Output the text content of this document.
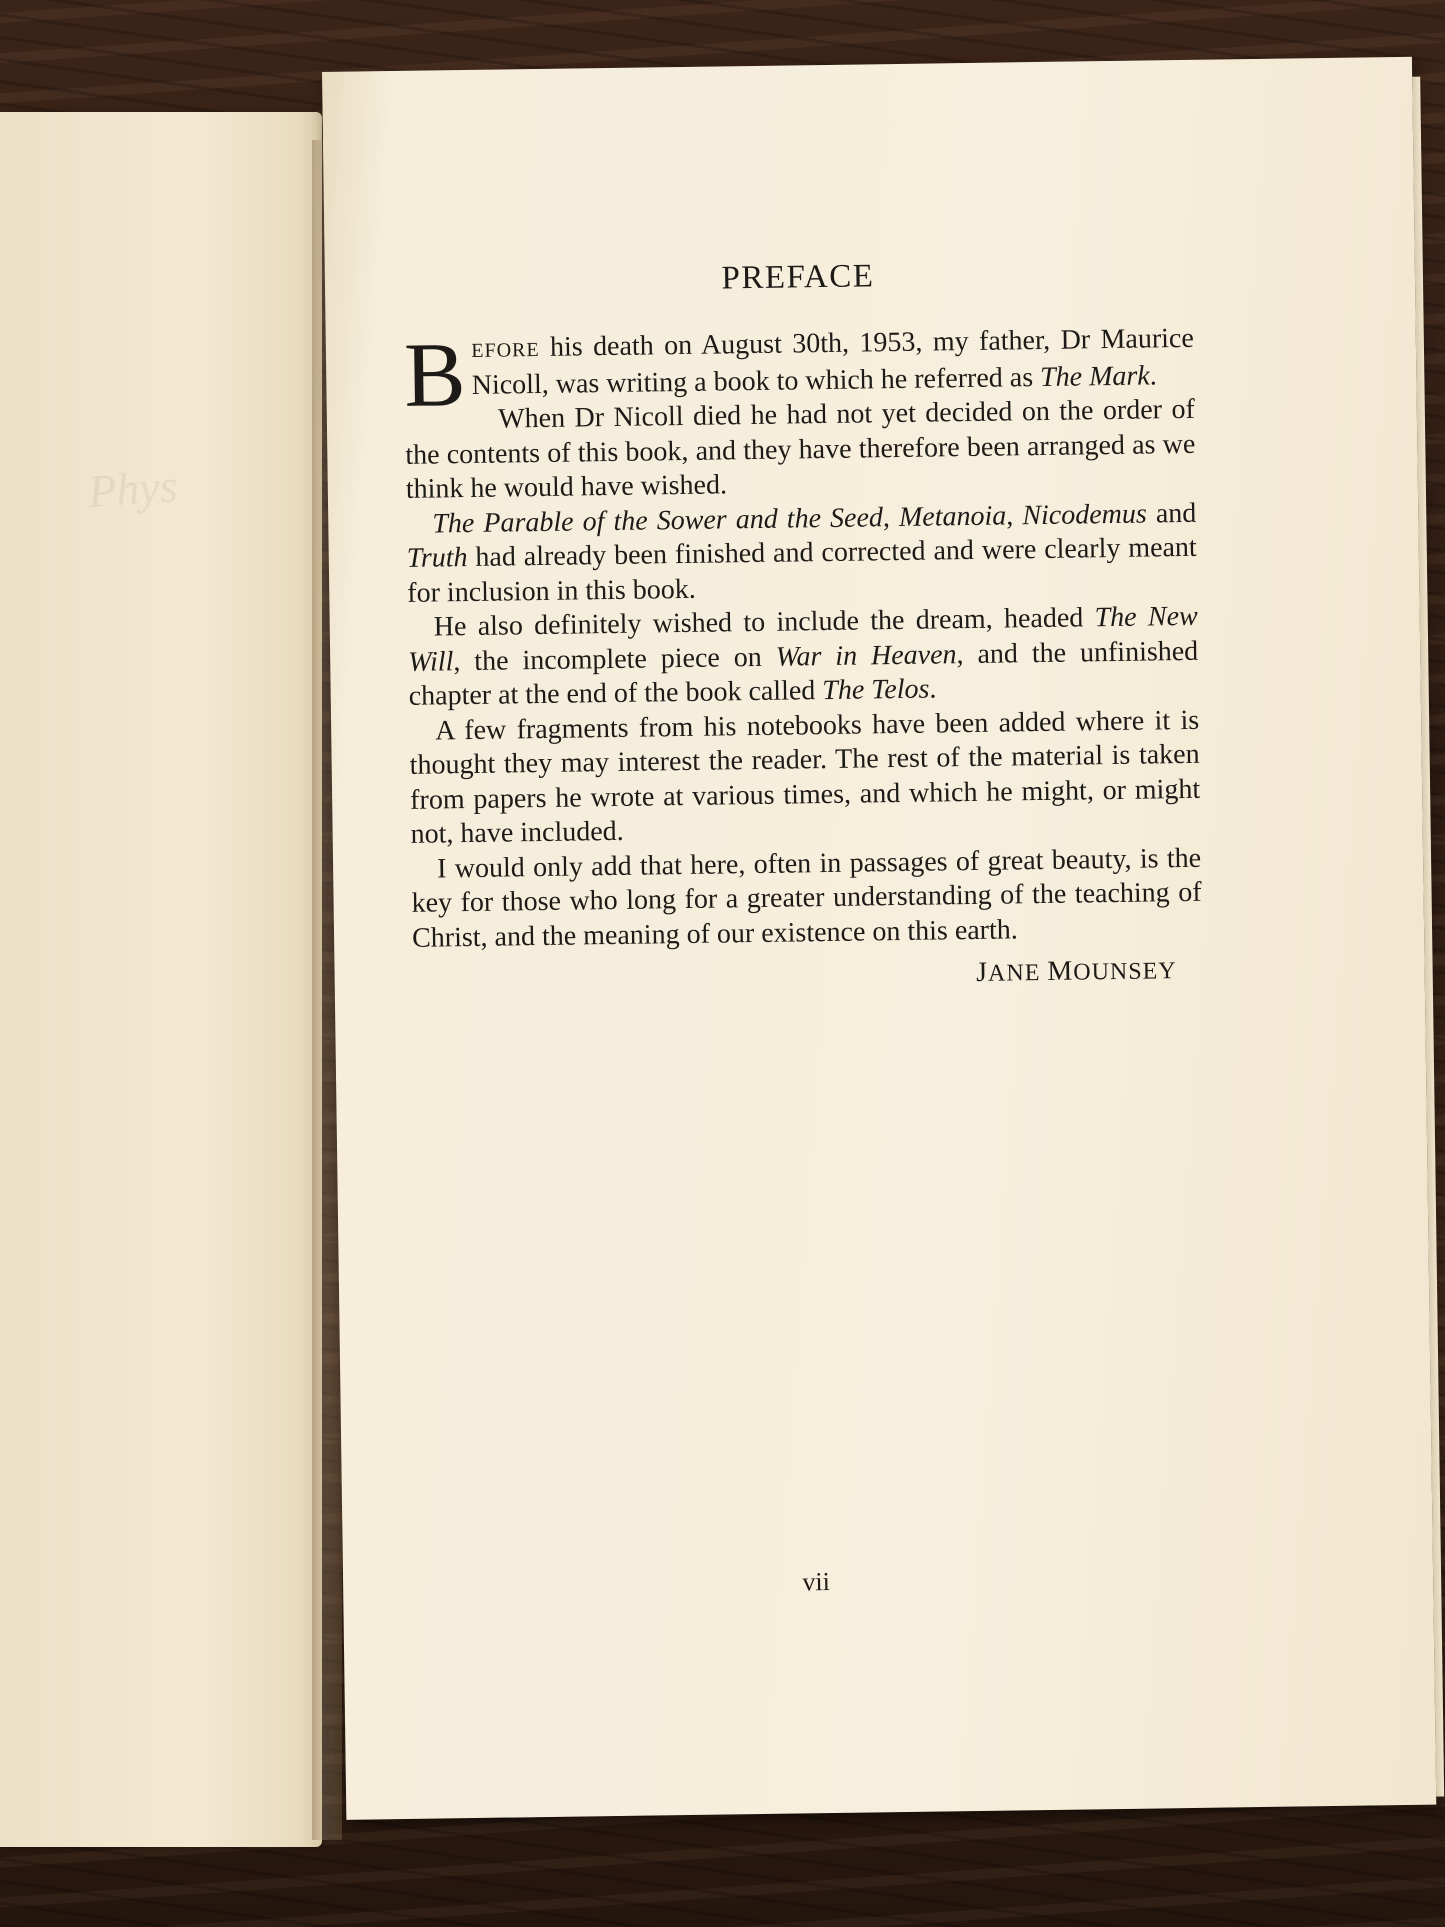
Phys
PREFACE

BEFORE his death on August 30th, 1953, my father, Dr Maurice Nicoll, was writing a book to which he referred as The Mark.

When Dr Nicoll died he had not yet decided on the order of the contents of this book, and they have therefore been arranged as we think he would have wished.

The Parable of the Sower and the Seed, Metanoia, Nicodemus and Truth had already been finished and corrected and were clearly meant for inclusion in this book.

He also definitely wished to include the dream, headed The New Will, the incomplete piece on War in Heaven, and the unfinished chapter at the end of the book called The Telos.

A few fragments from his notebooks have been added where it is thought they may interest the reader. The rest of the material is taken from papers he wrote at various times, and which he might, or might not, have included.

I would only add that here, often in passages of great beauty, is the key for those who long for a greater understanding of the teaching of Christ, and the meaning of our existence on this earth.

JANE MOUNSEY
vii
